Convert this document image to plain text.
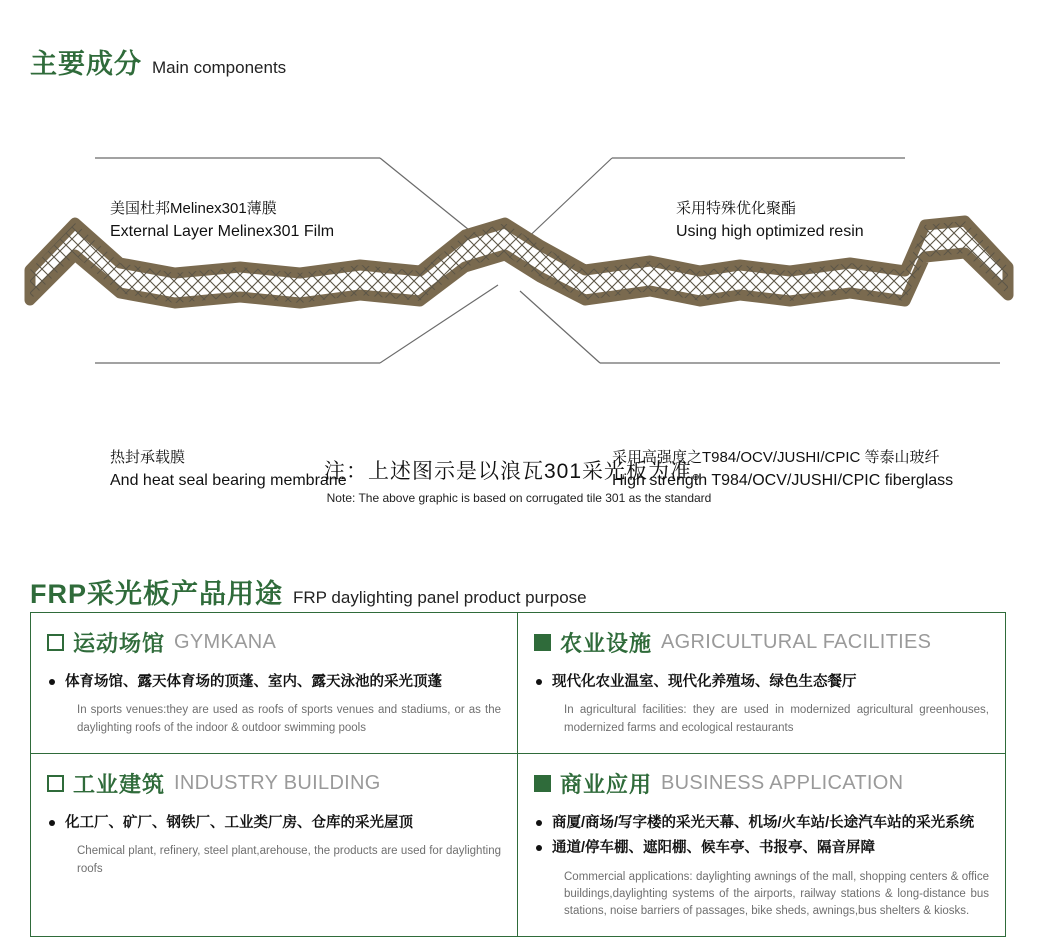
主要成分 Main components
美国杜邦Melinex301薄膜
External Layer Melinex301 Film
采用特殊优化聚酯
Using high optimized resin
热封承载膜
And heat seal bearing membrane
采用高强度之T984/OCV/JUSHI/CPIC 等泰山玻纤
High strength T984/OCV/JUSHI/CPIC fiberglass
注：上述图示是以浪瓦301采光板为准。
Note: The above graphic is based on corrugated tile 301 as the standard
FRP采光板产品用途 FRP daylighting panel product purpose
运动场馆 GYMKANA
体育场馆、露天体育场的顶蓬、室内、露天泳池的采光顶蓬
In sports venues:they are used as roofs of sports venues and stadiums, or as the daylighting roofs of the indoor & outdoor swimming pools
农业设施 AGRICULTURAL FACILITIES
现代化农业温室、现代化养殖场、绿色生态餐厅
In agricultural facilities: they are used in modernized agricultural greenhouses, modernized farms and ecological restaurants
工业建筑 INDUSTRY BUILDING
化工厂、矿厂、钢铁厂、工业类厂房、仓库的采光屋顶
Chemical plant, refinery, steel plant,arehouse, the products are used for daylighting roofs
商业应用 BUSINESS APPLICATION
商厦/商场/写字楼的采光天幕、机场/火车站/长途汽车站的采光系统
通道/停车棚、遮阳棚、候车亭、书报亭、隔音屏障
Commercial applications: daylighting awnings of the mall, shopping centers & office buildings,daylighting systems of the airports, railway stations & long-distance bus stations, noise barriers of passages, bike sheds, awnings,bus shelters & kiosks.
